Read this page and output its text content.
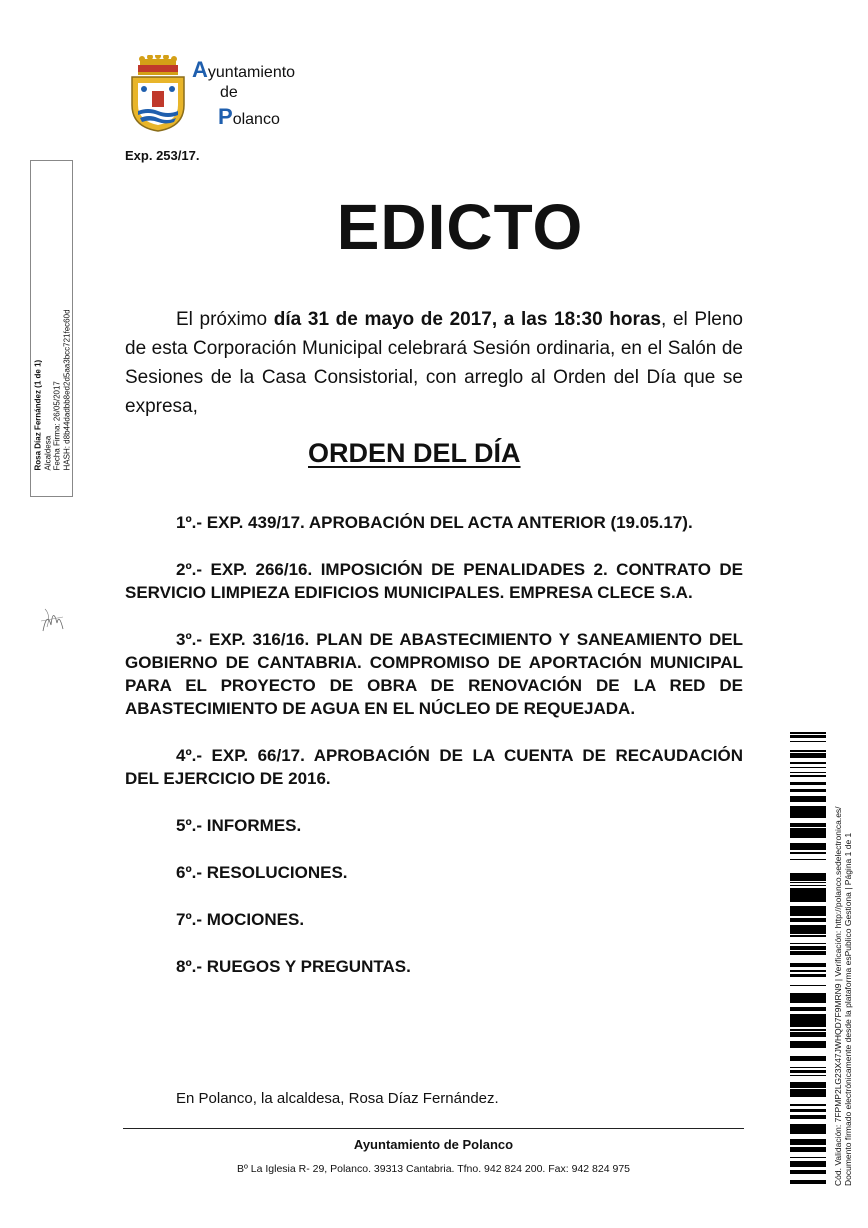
Ayuntamiento
de
Polanco
Exp. 253/17.
EDICTO
El próximo día 31 de mayo de 2017, a las 18:30 horas, el Pleno de esta Corporación Municipal celebrará Sesión ordinaria, en el Salón de Sesiones de la Casa Consistorial, con arreglo al Orden del Día que se expresa,
ORDEN DEL DÍA
1º.- EXP. 439/17. APROBACIÓN DEL ACTA ANTERIOR (19.05.17).
2º.- EXP. 266/16. IMPOSICIÓN DE PENALIDADES 2. CONTRATO DE SERVICIO LIMPIEZA EDIFICIOS MUNICIPALES. EMPRESA CLECE S.A.
3º.- EXP. 316/16. PLAN DE ABASTECIMIENTO Y SANEAMIENTO DEL GOBIERNO DE CANTABRIA. COMPROMISO DE APORTACIÓN MUNICIPAL PARA EL PROYECTO DE OBRA DE RENOVACIÓN DE LA RED DE ABASTECIMIENTO DE AGUA EN EL NÚCLEO DE REQUEJADA.
4º.- EXP. 66/17. APROBACIÓN DE LA CUENTA DE RECAUDACIÓN DEL EJERCICIO DE 2016.
5º.- INFORMES.
6º.- RESOLUCIONES.
7º.- MOCIONES.
8º.- RUEGOS Y PREGUNTAS.
En Polanco, la alcaldesa, Rosa Díaz Fernández.
Ayuntamiento de Polanco
Bº La Iglesia R- 29, Polanco. 39313 Cantabria. Tfno. 942 824 200. Fax: 942 824 975
Rosa Díaz Fernández (1 de 1) Alcaldesa Fecha Firma: 26/05/2017 HASH: d8b44dadbb8ed2d5aa3bcc721fec60d
Cód. Validación: 7FPMP2LG23X47JWHQD7F9MRN9 | Verificación: http://polanco.sedelectronica.es/ Documento firmado electrónicamente desde la plataforma esPublico Gestiona | Página 1 de 1
